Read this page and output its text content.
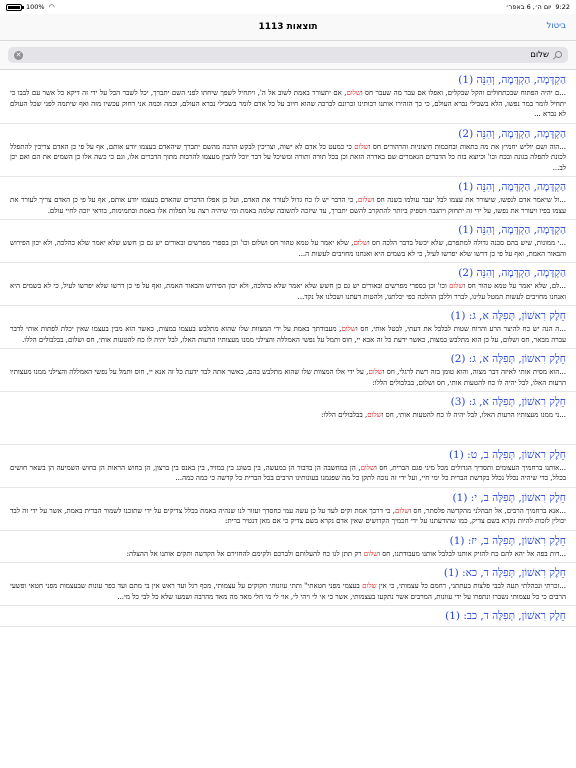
100% ◠	9:22
יום ה׳, 6 באפר׳
1113 תוצאות	ביטול
שלום
✕
הַקְדָּמָה, הַקְדָּמָה, וְהִנֵּה (1)
...ם יהיה הפתוח שבכתחולים והקל שבקלים, ואפלו אם עבר מה שעבר חס ושלום, אם יתעורר באמת לשוב אל ה', ויתחיל לשפך שיחתו לפני השם יתברך, יכל לשבר הכל על ידי זה דיקא כל אשר עם לבבו כי יתחיל לומר במר נפשו, הלא בשבילי נברא העולם, כי כך הזהירו אותנו רבותינו זכרונם לברכה שהוא חיוב על כל אדם לומר בשבילי נברא העולם, וכמה וכמה אני רחוק עכשיו מזה ואף שיתמה לפני שכל העולם לא נברא ...
הַקְדָּמָה, הַקְדָּמָה, וְהִנֵּה (2)
...הוה ושם יוליש יחמיץ את מה בתאות ובחכמות חיצוניות והרהורים חס ושלום כי כמעט כל אדם לא ישוה, וצריכין לבקש הרבה מהשם יתברך שיהאדם בעצמו יודע אותם, אף על פי כן האדם צריכין להתפלל לכונת לתפלה בגונה ובכח וכו' וכיוצא בזה כל הדברים הגאמרים שם באדרה הזאת וכן בכל תורה ותורה ומשיכל על דבר יוכל להבין מעצמו להרבות מתוך הדברים אלו, וגם כי כשה אלו כן השמים את הם ואם יכן לב...
הַקְדָּמָה, הַקְדָּמָה, וְהִנֵּה (1)
...ול שיאמר אדם לנפשו, שיעורר את עצמו לבל יעבר עולמו בשנה חס ושלום, כי הדבר יש לו כח גדול לעורר את האדם, ועל כן אפלו הדברים שהאדם בעצמו יודע אותם, אף על פי כן האדם צריך לעורר את עצמו בפיו ויעורר את נפשו, על ידי זה יתחזק ויתגבר ויספיק ביותר להתקרב להשם יתברך, עד שיזכה לתשובה שלמה באמת ומי שיהיה רצה על תפלות אלו באמת ובתמימות, בודאי יזכה לחיי עולם.
הַקְדָּמָה, הַקְדָּמָה, וְהִנֵּה (1)
...י ממונות, שיש בהם סכנה גדולה למתפרם, שלא יכשל בדבר הלכה חס ושלום, שלא יאמר על טמא טהור חס ושלום וכו' וכן בספרי מפרשים ובאורים יש גם כן חשש שלא יאמר שלא כהלכה, ולא יכון הפירוש והבאור האמת, ואף על פי כן דרשו שלא יפרשו לעיל, כי לא בשמים היא ואנחנו מחויבים לעשות ה...
הַקְדָּמָה, הַקְדָּמָה, וְהִנֵּה (2)
...לם, שלא יאמר על טמא טהור חס ושלום וכו' וכן בספרי מפרשים ובאורים יש גם כן חשש שלא יאמר שלא כהלכה, ולא יכון הפירוש והבאור האמת, ואף על פי כן דרשו שלא יפרשו לעיל, כי לא בשמים היא ואנחנו מחויבים לעשות המטל עלינו, לברר וללבן ההלכה כפי יכלתנו, ולהטות דעתנו ושכלנו אל נקד...
חֵלֶק רִאשׁוֹן, תְּפִלָּה א, ג: (1)
...ה הנה יש כח להיצר הרע והרוח שטות לבלבל את דעתי, לבטל אותי, חס ושלום, מעבודתך באמת על ידי המצוות שלו שהוא מתלבש בעצמו במצות, כאשר הוא מבין בעצמו שאין יכלת לפתות אותי לדבר עברה מבאר, חס ושלום, על כן הוא מתלבש במצות, כאשר ידעת כל זה אבא יי, חוס ותמל על נפשי האמללה והצילני ממנו מעצותיו הרעות האלו, לבל יהיה לו כח להטעות אותי, חס ושלום, בבלבולים הללו.
חֵלֶק רִאשׁוֹן, תְּפִלָּה א, ג: (2)
...הוא מסית אותי לאיזה דבר מצוה, והוא טומן בזה רשת לרגלי, חס ושלום, על ידי אלו המצוות שלו שהוא מתלבש בהם, כאשר אתה לבד ידעת כל זה אנא יי, חוס ותמל על נפשי האמללה והצילני ממנו מעצותיו הרעות האלו, לבל יהיה לו כח להטעות אותי, חס ושלום, בבלבולים הללו:
חֵלֶק רִאשׁוֹן, תְּפִלָּה א, ג: (3)
...ני ממנו מעצותיו הרעות האלו, לבל יהיה לו כח להטעות אותי, חס ושלום, בבלבולים הללו:
חֵלֶק רִאשׁוֹן, תְּפִלָּה ב, ט: (1)
...אותנו ברחמיך העצומים ותסדיך הגדולים מכל מיני פגם הברית, חס ושלום, הן במחשבה הן בדבור הן במעשה, בין בשוגג בין במזיד, בין באנס בין ברצון, הן בחוש הראות הן בחוש השמיעה הן בשאר חושים בכלל, כדי שיהיה נכלל נכלל בקדשת הברית כל ימי חיי, ועל ידי זה נזכה לתקן כל מה שפגמנו בעונותינו הרבים בכל הברית כל קדשה כי כמה כמה...
חֵלֶק רִאשׁוֹן, תְּפִלָּה ב, י: (1)
...אנא ברחמיך הרבים, אל תבהלני מהקדשה פלסתר, חס ושלום, כי דרכך אמת וקים לעד על כן עשה עמי כחסדך ועזור לנו שנהיה באמת בכלל צדיקים על ידי שתזכנו לשמור הברית באמת, אשר על ידי זה לבד יכולין לזכות להיות נקרא בשם צדיק, כמו שהודעתנו על ידי חכמיך הקדושים שאין אדם נקרא בשם צדיק כי אם מאן דנטיר ברית:
חֵלֶק רִאשׁוֹן, תְּפִלָּה ב, יז: (1)
...דות בפה אל יהא להם כח להזיק אותנו לבלבל אותנו מעבודתנו, חס ושלום רק תתן לנו כח להעלותם ולברכם ולקימם להחזירם אל הקדשה ותקים אותנו אל ההצלה:
חֵלֶק רִאשׁוֹן, תְּפִלָּה ד, כא: (1)
...זכרתי ונבהלתי תעה לבבי פלצות בעתתני, רחמם כל עצמותי, כי אין שלום בעצמי מפני חטאתי" ותתי עוונותי חקוקים על עצמותי, מכף רגל ועד ראש אין בי מתם ועד כפר עונות שבעצמות מפני חטאי ופשעי הרבים כי כל עצמותי נשברו ונתפרו על ידי עוונות, המרבים אשר נתקעו בעצמותי, אשר כי אי לי ויהי לי, אוי לי מי חלי מאד מה מאד מהרבה ושמעו שלא כל לבי כל מי...
חֵלֶק רִאשׁוֹן, תְּפִלָּה ד, כב: (1)
